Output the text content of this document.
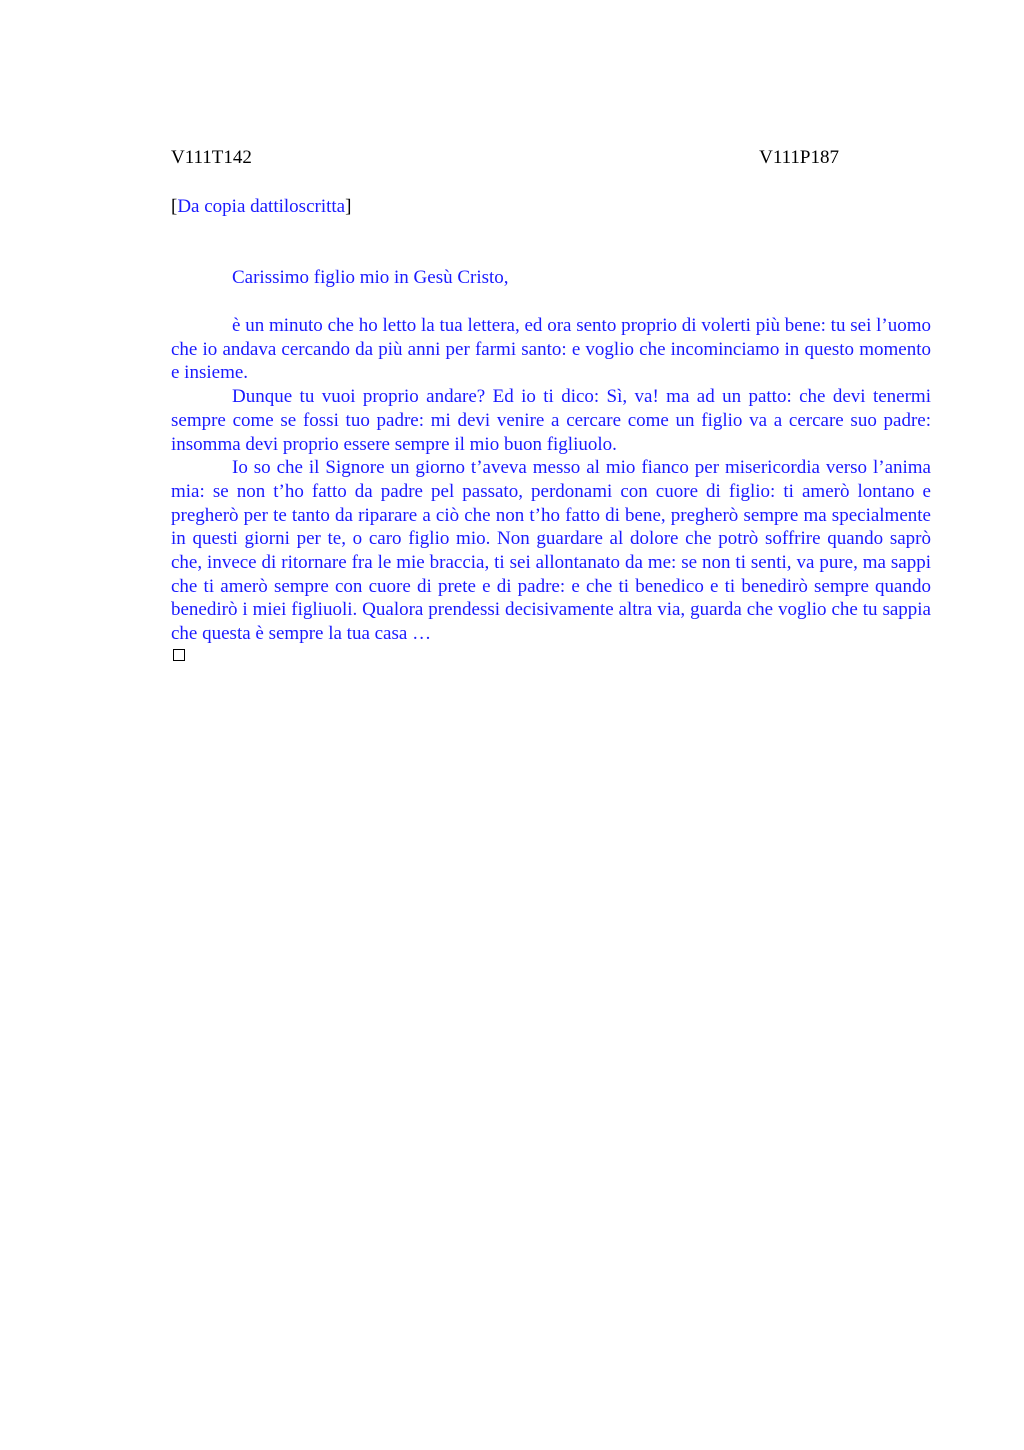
V111T142	V111P187
[Da copia dattiloscritta]
Carissimo figlio mio in Gesù Cristo,

è un minuto che ho letto la tua lettera, ed ora sento proprio di volerti più bene: tu sei l’uomo che io andava cercando da più anni per farmi santo: e voglio che incominciamo in questo momento e insieme.

Dunque tu vuoi proprio andare? Ed io ti dico: Sì, va! ma ad un patto: che devi tenermi sempre come se fossi tuo padre: mi devi venire a cercare come un figlio va a cercare suo padre: insomma devi proprio essere sempre il mio buon figliuolo.

Io so che il Signore un giorno t’aveva messo al mio fianco per misericordia verso l’anima mia: se non t’ho fatto da padre pel passato, perdonami con cuore di figlio: ti amerò lontano e pregherò per te tanto da riparare a ciò che non t’ho fatto di bene, pregherò sempre ma specialmente in questi giorni per te, o caro figlio mio. Non guardare al dolore che potrò soffrire quando saprò che, invece di ritornare fra le mie braccia, ti sei allontanato da me: se non ti senti, va pure, ma sappi che ti amerò sempre con cuore di prete e di padre: e che ti benedico e ti benedirò sempre quando benedirò i miei figliuoli. Qualora prendessi decisivamente altra via, guarda che voglio che tu sappia che questa è sempre la tua casa …
